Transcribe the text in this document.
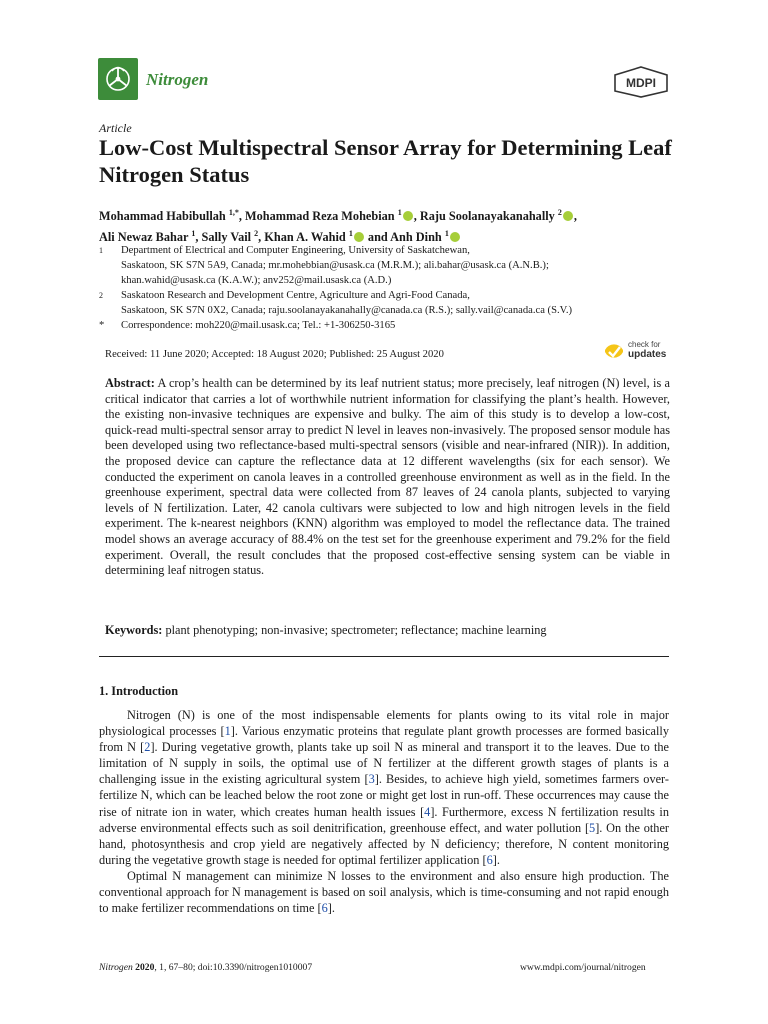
Nitrogen	MDPI
Article
Low-Cost Multispectral Sensor Array for Determining Leaf Nitrogen Status
Mohammad Habibullah $^{1,*}$, Mohammad Reza Mohebian $^1$ , Raju Soolanayakanahally $^2$ ,
Ali Newaz Bahar $^1$, Sally Vail $^2$, Khan A. Wahid $^1$ and Anh Dinh $^1$
1	Department of Electrical and Computer Engineering, University of Saskatchewan,
Saskatoon, SK S7N 5A9, Canada; mr.mohebbian@usask.ca (M.R.M.); ali.bahar@usask.ca (A.N.B.);
khan.wahid@usask.ca (K.A.W.); anv252@mail.usask.ca (A.D.)
2	Saskatoon Research and Development Centre, Agriculture and Agri-Food Canada,
Saskatoon, SK S7N 0X2, Canada; raju.soolanayakanahally@canada.ca (R.S.); sally.vail@canada.ca (S.V.)
*	Correspondence: moh220@mail.usask.ca; Tel.: +1-306250-3165
Received: 11 June 2020; Accepted: 18 August 2020; Published: 25 August 2020
check for
updates
Abstract: A crop’s health can be determined by its leaf nutrient status; more precisely, leaf nitrogen (N) level, is a critical indicator that carries a lot of worthwhile nutrient information for classifying the plant’s health. However, the existing non-invasive techniques are expensive and bulky. The aim of this study is to develop a low-cost, quick-read multi-spectral sensor array to predict N level in leaves non-invasively. The proposed sensor module has been developed using two reflectance-based multi-spectral sensors (visible and near-infrared (NIR)). In addition, the proposed device can capture the reflectance data at 12 different wavelengths (six for each sensor). We conducted the experiment on canola leaves in a controlled greenhouse environment as well as in the field. In the greenhouse experiment, spectral data were collected from 87 leaves of 24 canola plants, subjected to varying levels of N fertilization. Later, 42 canola cultivars were subjected to low and high nitrogen levels in the field experiment. The k-nearest neighbors (KNN) algorithm was employed to model the reflectance data. The trained model shows an average accuracy of 88.4% on the test set for the greenhouse experiment and 79.2% for the field experiment. Overall, the result concludes that the proposed cost-effective sensing system can be viable in determining leaf nitrogen status.
Keywords: plant phenotyping; non-invasive; spectrometer; reflectance; machine learning
1. Introduction

Nitrogen (N) is one of the most indispensable elements for plants owing to its vital role in major physiological processes [1]. Various enzymatic proteins that regulate plant growth processes are formed basically from N [2]. During vegetative growth, plants take up soil N as mineral and transport it to the leaves. Due to the limitation of N supply in soils, the optimal use of N fertilizer at the different growth stages of plants is a challenging issue in the existing agricultural system [3]. Besides, to achieve high yield, sometimes farmers over-fertilize N, which can be leached below the root zone or might get lost in run-off. These occurrences may cause the rise of nitrate ion in water, which creates human health issues [4]. Furthermore, excess N fertilization results in adverse environmental effects such as soil denitrification, greenhouse effect, and water pollution [5]. On the other hand, photosynthesis and crop yield are negatively affected by N deficiency; therefore, N content monitoring during the vegetative growth stage is needed for optimal fertilizer application [6].

Optimal N management can minimize N losses to the environment and also ensure high production. The conventional approach for N management is based on soil analysis, which is time-consuming and not rapid enough to make fertilizer recommendations on time [6].

Nitrogen 2020, 1, 67–80; doi:10.3390/nitrogen1010007	www.mdpi.com/journal/nitrogen
